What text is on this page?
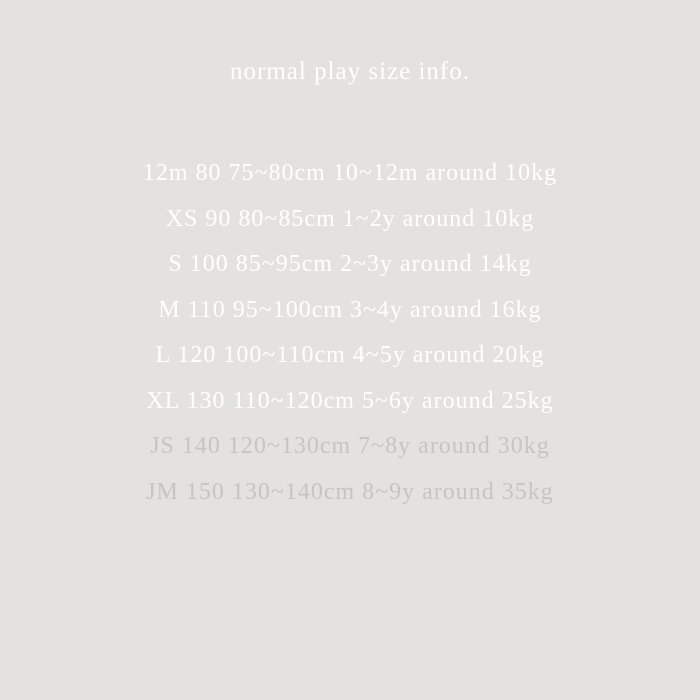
normal play size info.
12m 80 75~80cm 10~12m around 10kg
XS 90 80~85cm 1~2y around 10kg
S 100 85~95cm 2~3y around 14kg
M 110 95~100cm 3~4y around 16kg
L 120 100~110cm 4~5y around 20kg
XL 130 110~120cm 5~6y around 25kg
JS 140 120~130cm 7~8y around 30kg
JM 150 130~140cm 8~9y around 35kg
